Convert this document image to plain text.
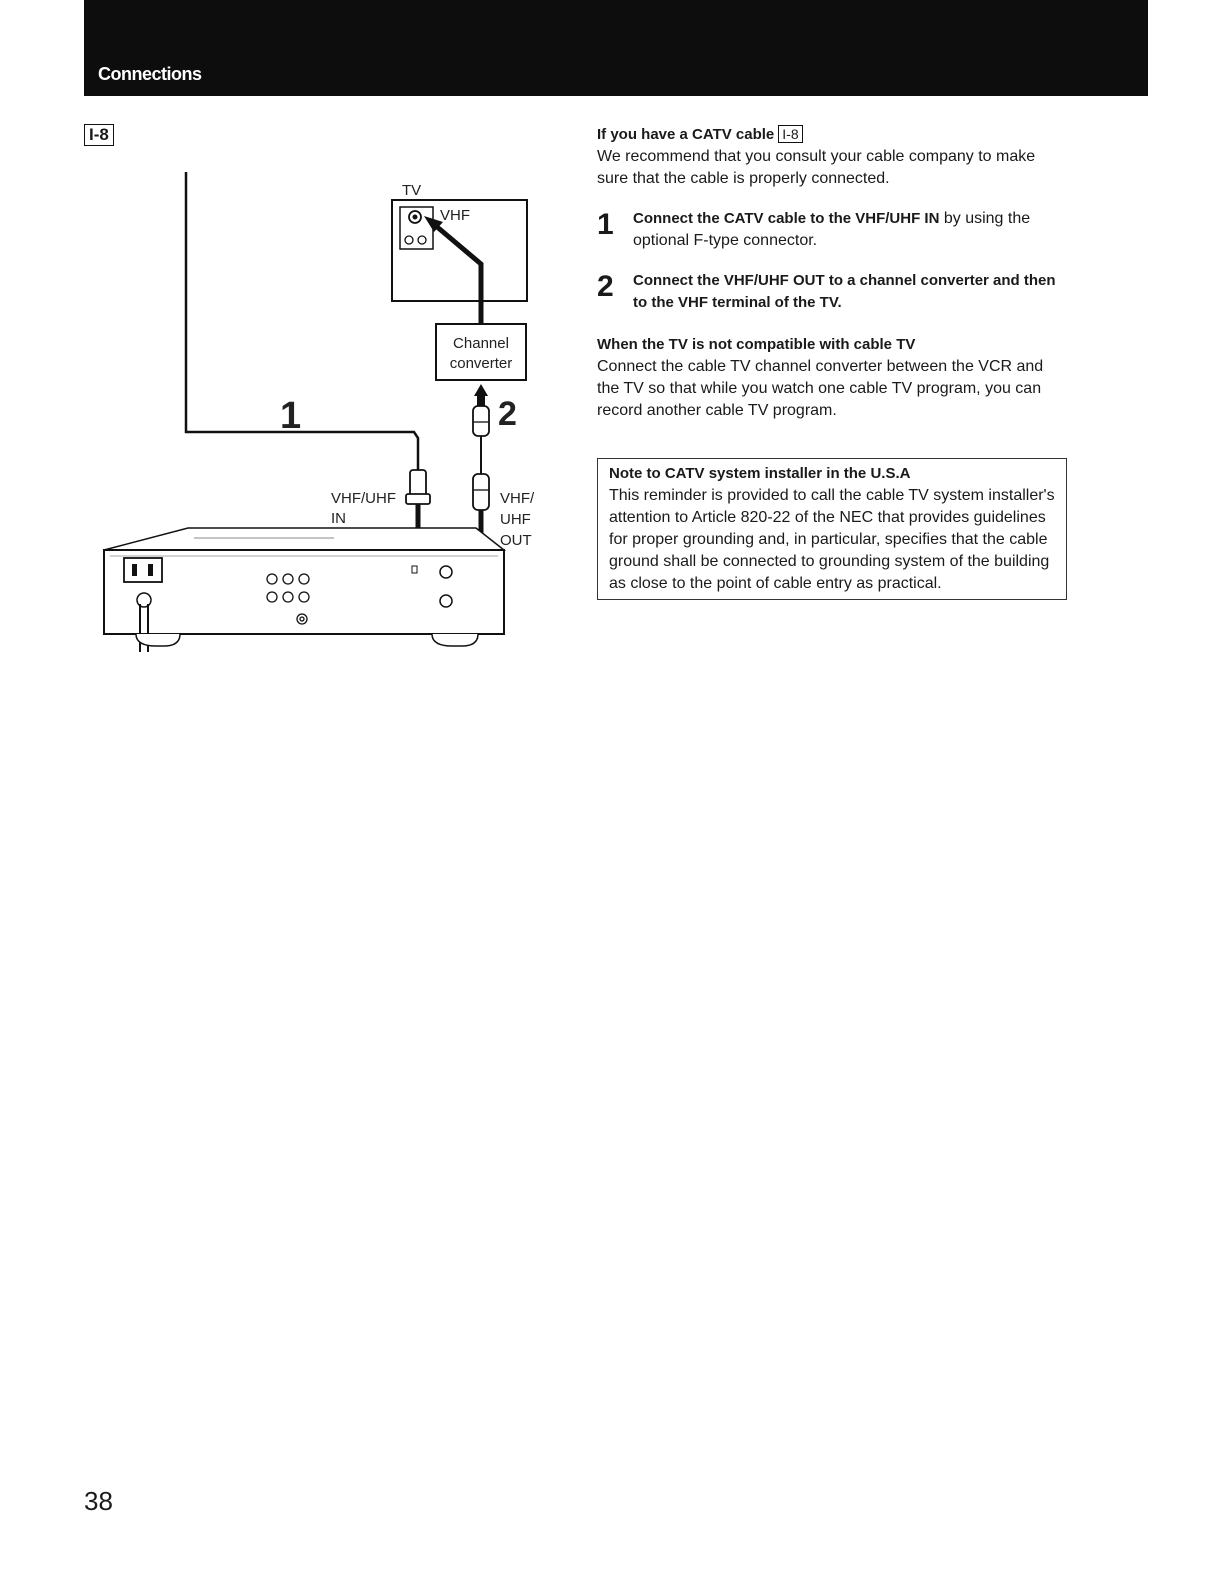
Connections
I-8
TV
VHF
Channel
converter
2
1
VHF/UHF
IN
VHF/
UHF
OUT
If you have a CATV cable I-8
We recommend that you consult your cable company to make sure that the cable is properly connected.
1 Connect the CATV cable to the VHF/UHF IN by using the optional F-type connector.
2 Connect the VHF/UHF OUT to a channel converter and then to the VHF terminal of the TV.
When the TV is not compatible with cable TV
Connect the cable TV channel converter between the VCR and the TV so that while you watch one cable TV program, you can record another cable TV program.
Note to CATV system installer in the U.S.A
This reminder is provided to call the cable TV system installer's attention to Article 820-22 of the NEC that provides guidelines for proper grounding and, in particular, specifies that the cable ground shall be connected to grounding system of the building as close to the point of cable entry as practical.
38
